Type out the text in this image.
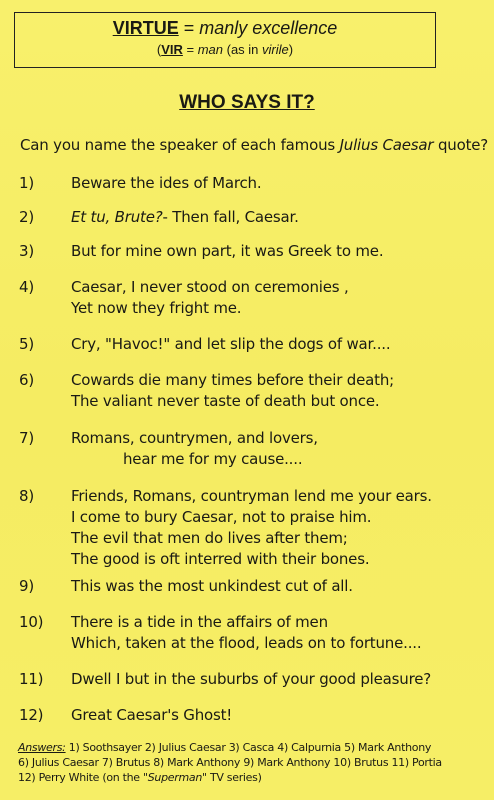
VIRTUE = manly excellence
(VIR = man (as in virile)
WHO SAYS IT?
Can you name the speaker of each famous Julius Caesar quote?
1)	Beware the ides of March.
2)	Et tu, Brute?- Then fall, Caesar.
3)	But for mine own part, it was Greek to me.
4)	Caesar, I never stood on ceremonies ,
Yet now they fright me.
5)	Cry, "Havoc!" and let slip the dogs of war....
6)	Cowards die many times before their death;
The valiant never taste of death but once.
7)	Romans, countrymen, and lovers,
hear me for my cause....
8)	Friends, Romans, countryman lend me your ears.
I come to bury Caesar, not to praise him.
The evil that men do lives after them;
The good is oft interred with their bones.
9)	This was the most unkindest cut of all.
10)	There is a tide in the affairs of men
Which, taken at the flood, leads on to fortune....
11)	Dwell I but in the suburbs of your good pleasure?
12)	Great Caesar's Ghost!
Answers: 1) Soothsayer 2) Julius Caesar 3) Casca 4) Calpurnia 5) Mark Anthony
6) Julius Caesar 7) Brutus 8) Mark Anthony 9) Mark Anthony 10) Brutus 11) Portia
12) Perry White (on the "Superman" TV series)
